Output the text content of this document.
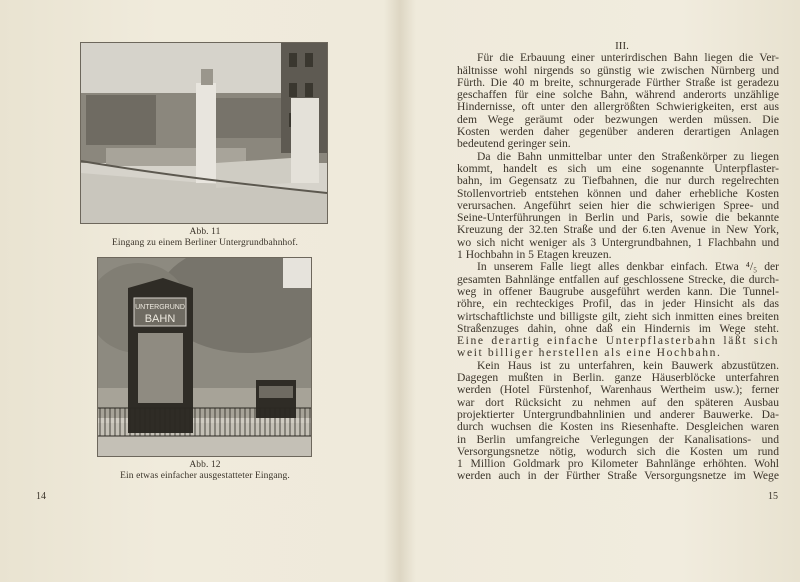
Abb. 11
Eingang zu einem Berliner Untergrundbahnhof.
UNTERGRUND
BAHN
Abb. 12
Ein etwas einfacher ausgestatteter Eingang.
14
III.
Für die Erbauung einer unterirdischen Bahn liegen die Ver-
hältnisse wohl nirgends so günstig wie zwischen Nürnberg und
Fürth. Die 40 m breite, schnurgerade Fürther Straße ist geradezu
geschaffen für eine solche Bahn, während anderorts unzählige
Hindernisse, oft unter den allergrößten Schwierigkeiten, erst aus
dem Wege geräumt oder bezwungen werden müssen. Die
Kosten werden daher gegenüber anderen derartigen Anlagen
bedeutend geringer sein.
Da die Bahn unmittelbar unter den Straßenkörper zu liegen
kommt, handelt es sich um eine sogenannte Unterpflaster-
bahn, im Gegensatz zu Tiefbahnen, die nur durch regelrechten
Stollenvortrieb entstehen können und daher erhebliche Kosten
verursachen. Angeführt seien hier die schwierigen Spree- und
Seine-Unterführungen in Berlin und Paris, sowie die bekannte
Kreuzung der 32.ten Straße und der 6.ten Avenue in New York,
wo sich nicht weniger als 3 Untergrundbahnen, 1 Flachbahn und
1 Hochbahn in 5 Etagen kreuzen.
In unserem Falle liegt alles denkbar einfach. Etwa ⁴/₅ der
gesamten Bahnlänge entfallen auf geschlossene Strecke, die durch-
weg in offener Baugrube ausgeführt werden kann. Die Tunnel-
röhre, ein rechteckiges Profil, das in jeder Hinsicht als das
wirtschaftlichste und billigste gilt, zieht sich inmitten eines breiten
Straßenzuges dahin, ohne daß ein Hindernis im Wege steht.
Eine derartig einfache Unterpflasterbahn läßt sich
weit billiger herstellen als eine Hochbahn.
Kein Haus ist zu unterfahren, kein Bauwerk abzustützen.
Dagegen mußten in Berlin. ganze Häuserblöcke unterfahren
werden (Hotel Fürstenhof, Warenhaus Wertheim usw.); ferner
war dort Rücksicht zu nehmen auf den späteren Ausbau
projektierter Untergrundbahnlinien und anderer Bauwerke. Da-
durch wuchsen die Kosten ins Riesenhafte. Desgleichen waren
in Berlin umfangreiche Verlegungen der Kanalisations- und
Versorgungsnetze nötig, wodurch sich die Kosten um rund
1 Million Goldmark pro Kilometer Bahnlänge erhöhten. Wohl
werden auch in der Fürther Straße Versorgungsnetze im Wege
15
